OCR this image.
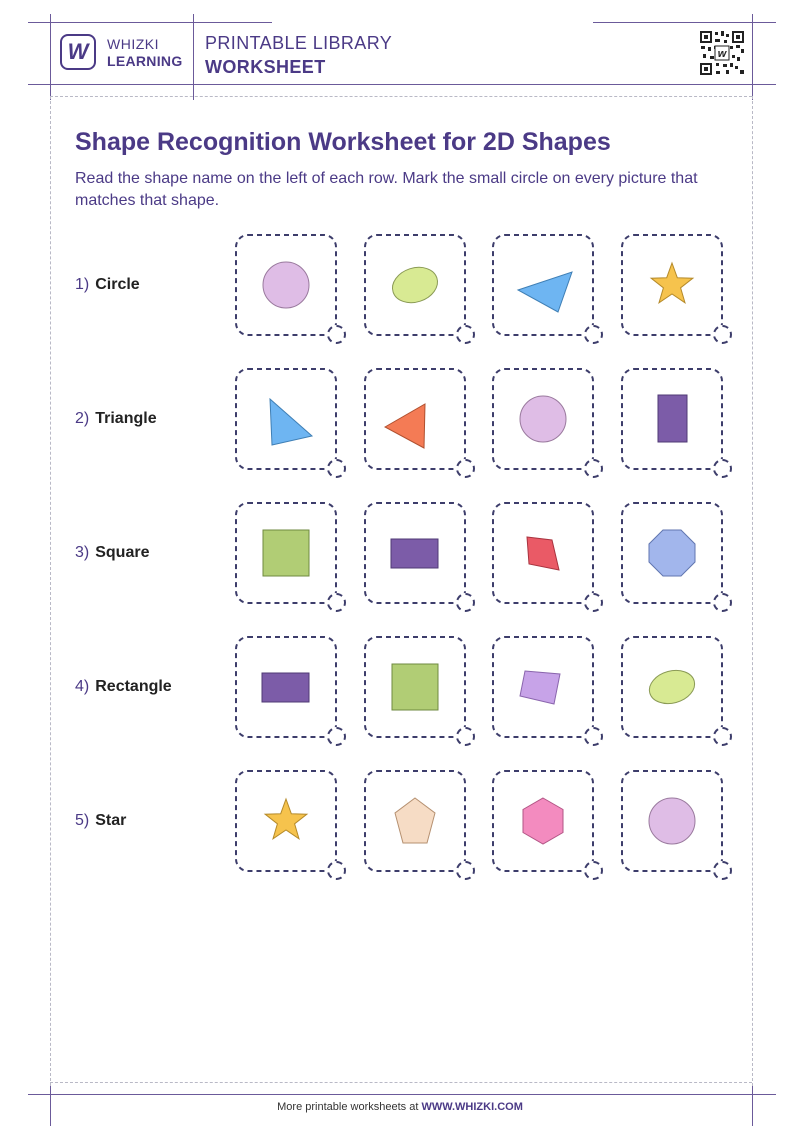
W WHIZKI
LEARNING
PRINTABLE LIBRARY
WORKSHEET
w
Shape Recognition Worksheet for 2D Shapes
Read the shape name on the left of each row. Mark the small circle on every picture that matches that shape.
1) Circle
2) Triangle
3) Square
4) Rectangle
5) Star
More printable worksheets at WWW.WHIZKI.COM
